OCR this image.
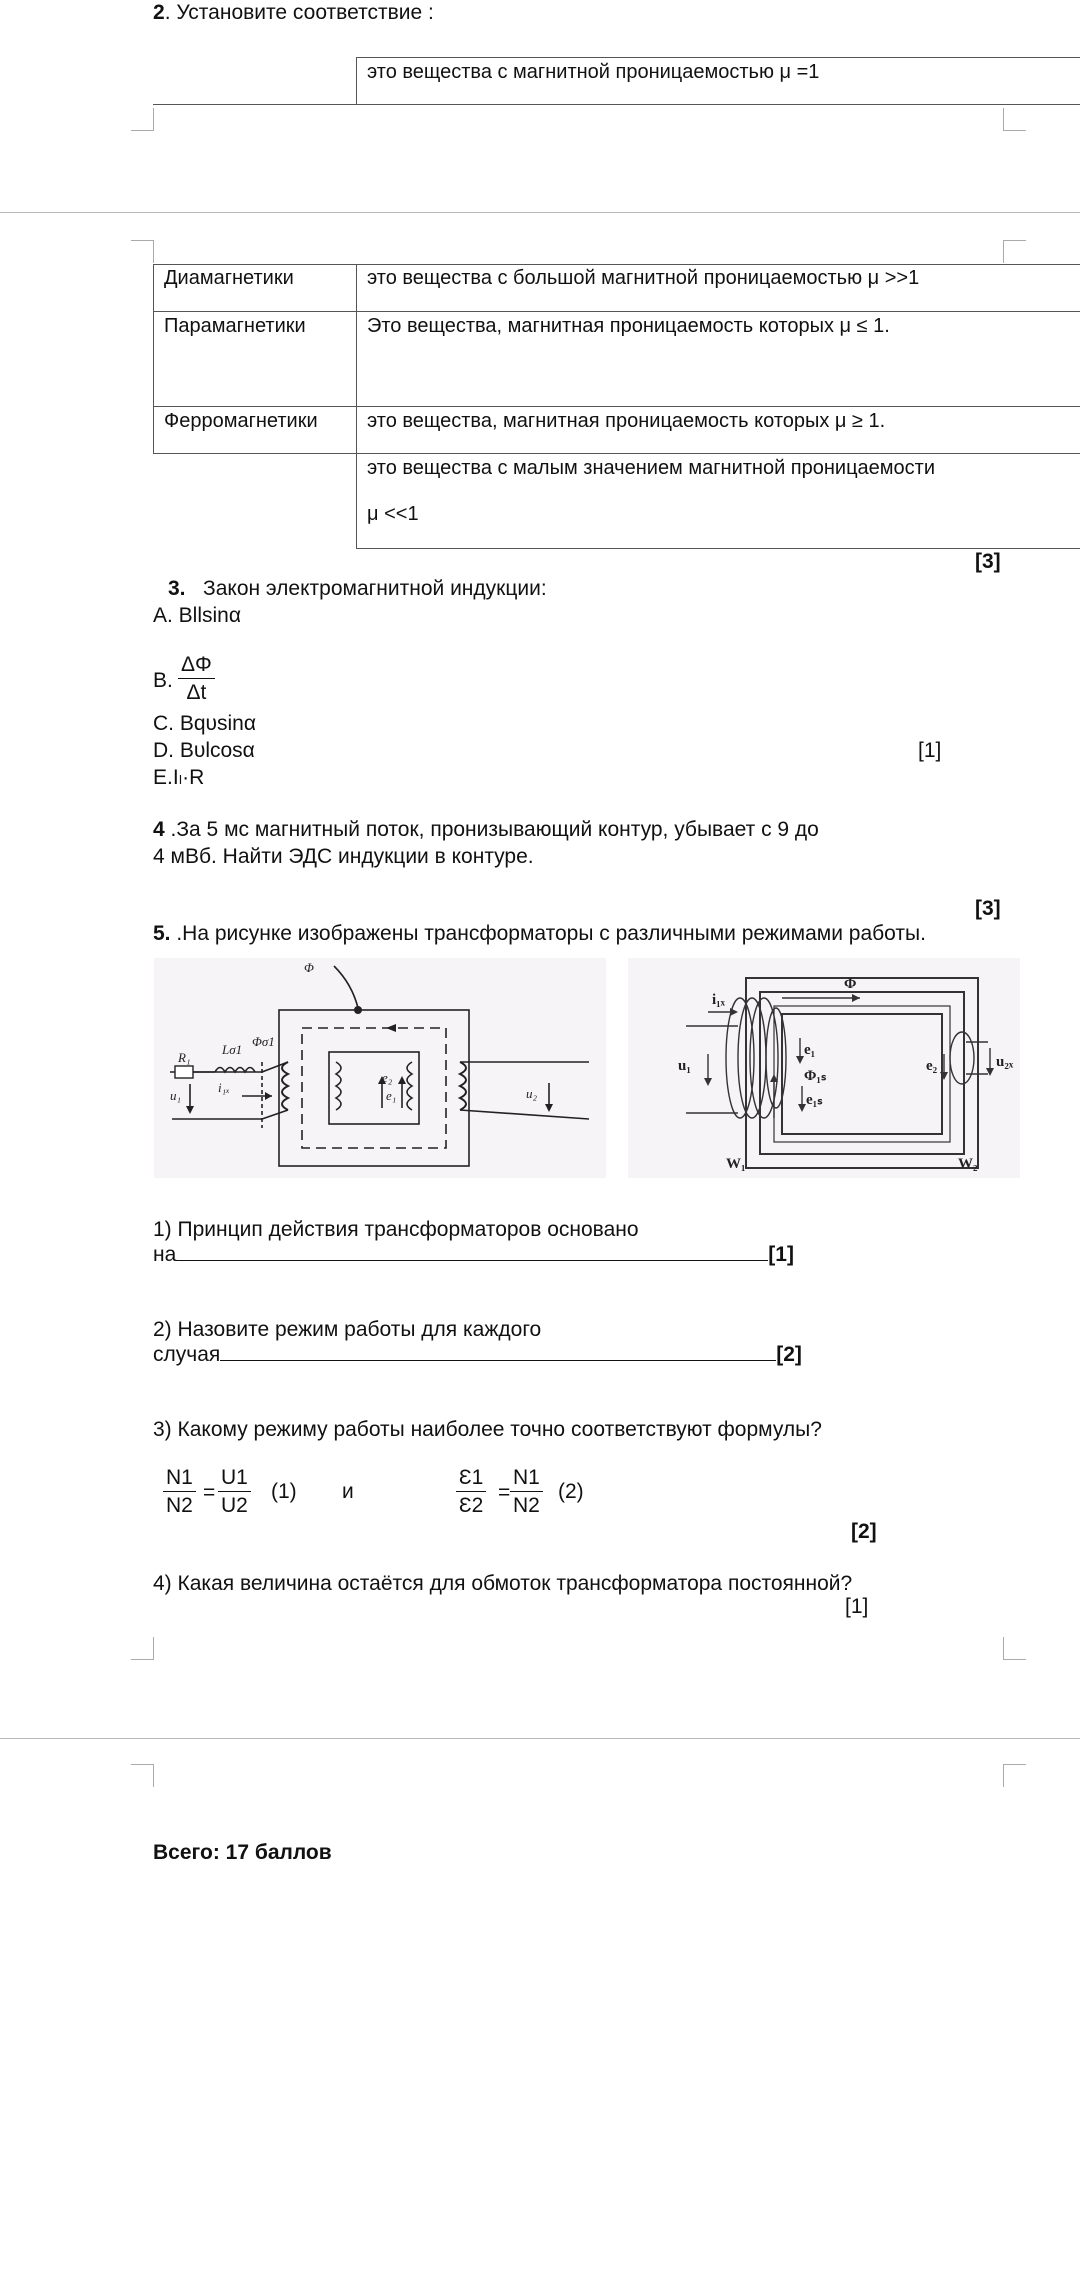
2. Установите соответствие :
это вещества с магнитной проницаемостью μ =1
Диамагнетики	это вещества с большой магнитной проницаемостью μ >>1
Парамагнетики	Это вещества, магнитная проницаемость которых μ ≤ 1.
Ферромагнетики это вещества, магнитная проницаемость которых μ ≥ 1.
это вещества с малым значением магнитной проницаемости
μ <<1
[3]
3. Закон электромагнитной индукции:
A. Bllsinα
B. $\frac{\Delta\Phi}{\Delta t}$
C. Bqυsinα
D. Bυlcosα	[1]
E.Iₗ·R
4 .За 5 мс магнитный поток, пронизывающий контур, убывает с 9 до
4 мВб. Найти ЭДС индукции в контуре.
[3]
5. .На рисунке изображены трансформаторы с различными режимами работы.
Φ
R₁
Lσ1
Φσ1
u₁
i₁ₓ
e₁
e₂
u₂
Φ
i₁ₓ
u₁
e₁
Φ₁ₛ
e₁ₛ
e₂	u₂ₓ
W₁	W₂
1) Принцип действия трансформаторов основано
на	[1]
2) Назовите режим работы для каждого
случая	[2]
3) Какому режиму работы наиболее точно соответствуют формулы?
$\frac{N1}{N2} = \frac{U1}{U2} (1)$ и	$\frac{Ɛ1}{Ɛ2} = \frac{N1}{N2} (2)$
[2]
4) Какая величина остаётся для обмоток трансформатора постоянной?
[1]
Всего: 17 баллов
